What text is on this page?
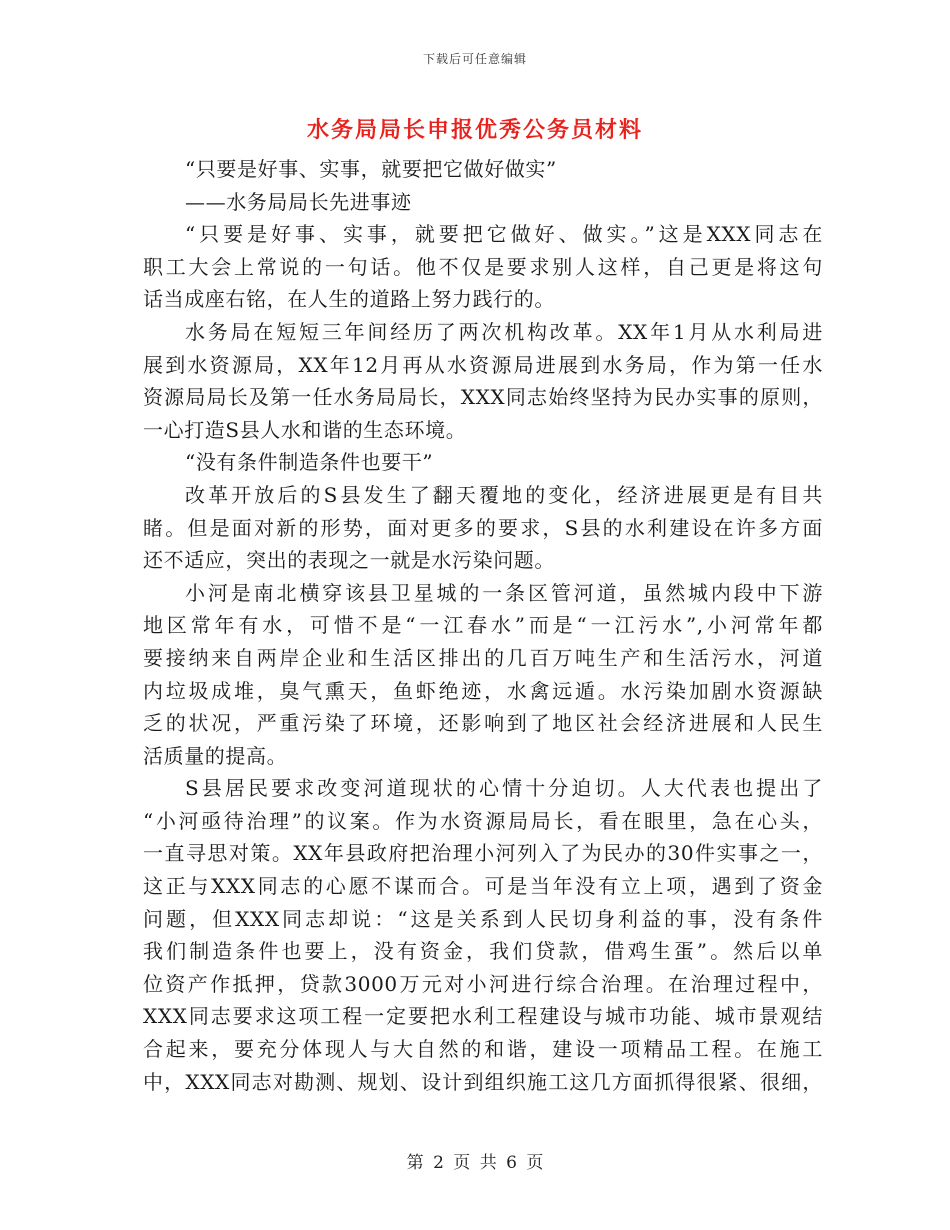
下载后可任意编辑
水务局局长申报优秀公务员材料
“只要是好事、实事，就要把它做好做实”
——水务局局长先进事迹
“只要是好事、实事，就要把它做好、做实。”这是XXX同志在
职工大会上常说的一句话。他不仅是要求别人这样，自己更是将这句
话当成座右铭，在人生的道路上努力践行的。
水务局在短短三年间经历了两次机构改革。XX年1月从水利局进
展到水资源局，XX年12月再从水资源局进展到水务局，作为第一任水
资源局局长及第一任水务局局长，XXX同志始终坚持为民办实事的原则，
一心打造S县人水和谐的生态环境。
“没有条件制造条件也要干”
改革开放后的S县发生了翻天覆地的变化，经济进展更是有目共
睹。但是面对新的形势，面对更多的要求，S县的水利建设在许多方面
还不适应，突出的表现之一就是水污染问题。
小河是南北横穿该县卫星城的一条区管河道，虽然城内段中下游
地区常年有水，可惜不是“一江春水”而是“一江污水”,小河常年都
要接纳来自两岸企业和生活区排出的几百万吨生产和生活污水，河道
内垃圾成堆，臭气熏天，鱼虾绝迹，水禽远遁。水污染加剧水资源缺
乏的状况，严重污染了环境，还影响到了地区社会经济进展和人民生
活质量的提高。
S县居民要求改变河道现状的心情十分迫切。人大代表也提出了
“小河亟待治理”的议案。作为水资源局局长，看在眼里，急在心头，
一直寻思对策。XX年县政府把治理小河列入了为民办的30件实事之一，
这正与XXX同志的心愿不谋而合。可是当年没有立上项，遇到了资金
问题，但XXX同志却说：“这是关系到人民切身利益的事，没有条件
我们制造条件也要上，没有资金，我们贷款，借鸡生蛋”。然后以单
位资产作抵押，贷款3000万元对小河进行综合治理。在治理过程中，
XXX同志要求这项工程一定要把水利工程建设与城市功能、城市景观结
合起来，要充分体现人与大自然的和谐，建设一项精品工程。在施工
中，XXX同志对勘测、规划、设计到组织施工这几方面抓得很紧、很细，
第 2 页 共 6 页
